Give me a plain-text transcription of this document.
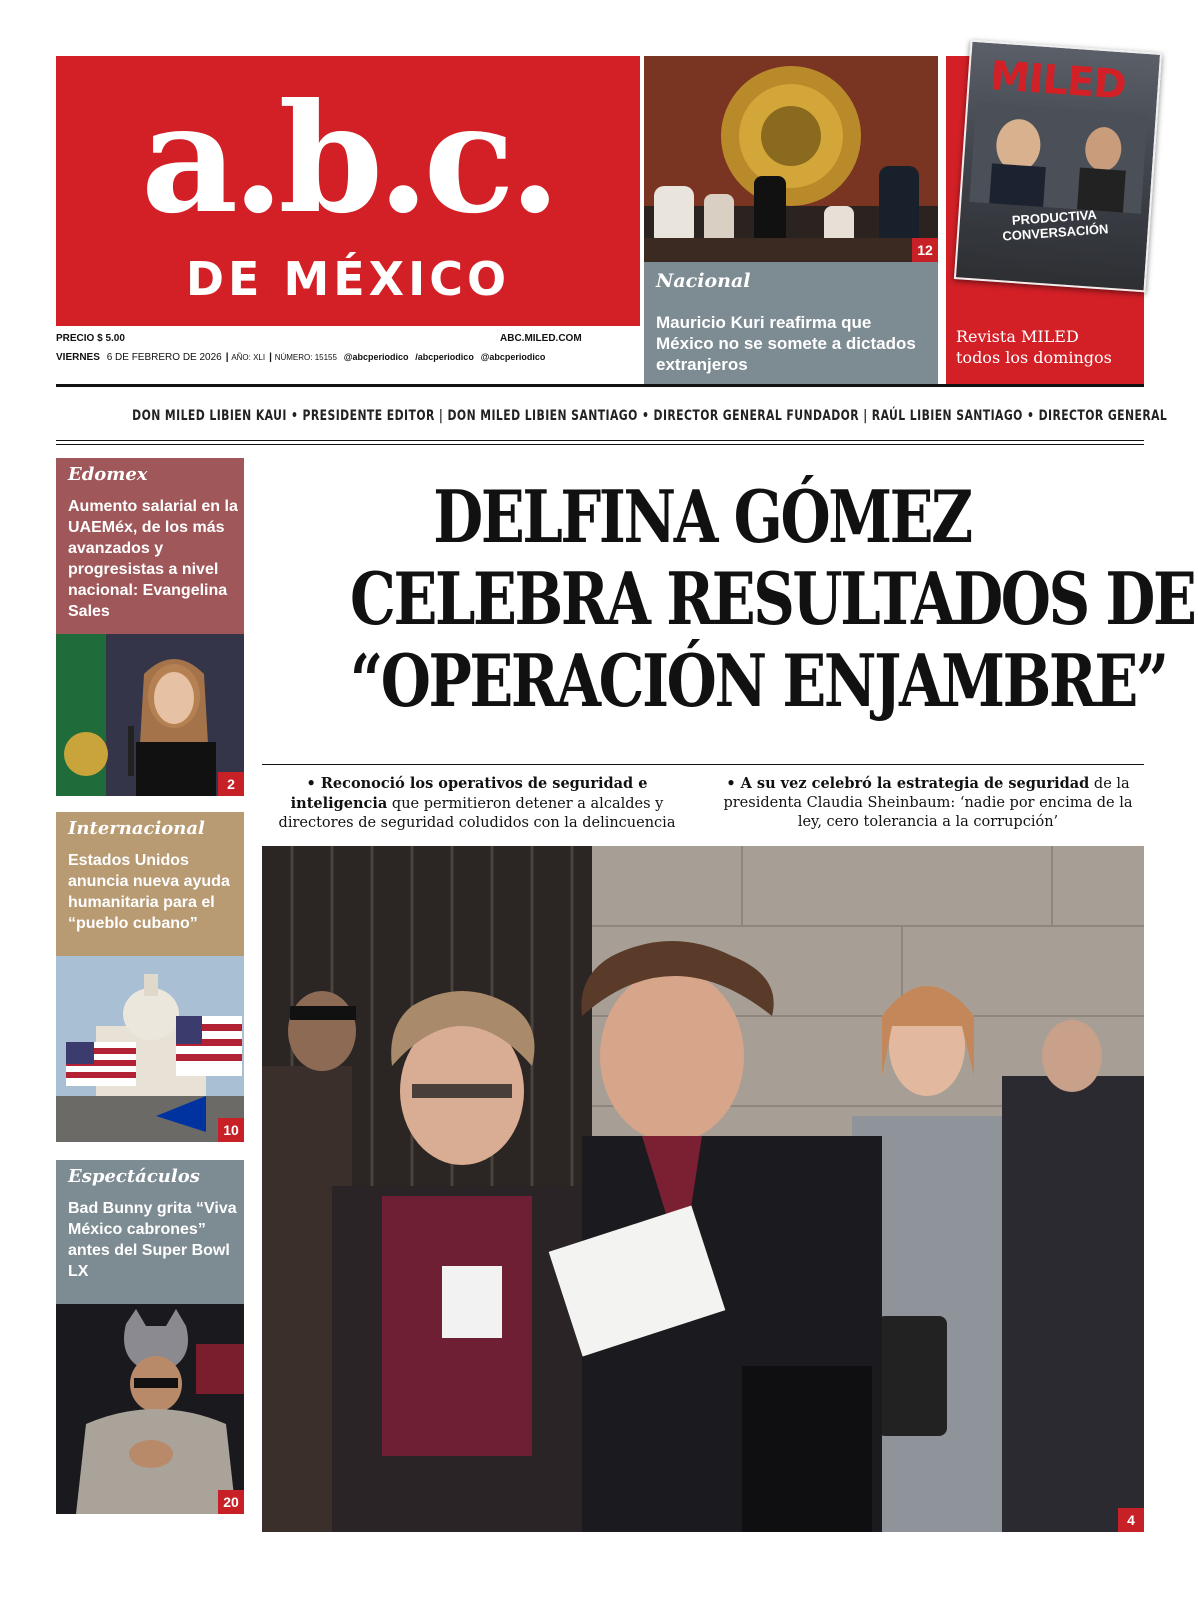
a.b.c.
DE MÉXICO
PRECIO $ 5.00	ABC.MILED.COM
VIERNES 6 DE FEBRERO DE 2026 | AÑO: XLI | NÚMERO: 15155 @abcperiodico /abcperiodico @abcperiodico
12
Nacional
Mauricio Kuri reafirma que México no se somete a dictados extranjeros
MILED
PRODUCTIVA CONVERSACIÓN
Revista MILED
todos los domingos
DON MILED LIBIEN KAUI • PRESIDENTE EDITOR | DON MILED LIBIEN SANTIAGO • DIRECTOR GENERAL FUNDADOR | RAÚL LIBIEN SANTIAGO • DIRECTOR GENERAL
Edomex
Aumento salarial en la UAEMéx, de los más avanzados y progresistas a nivel nacional: Evangelina Sales
2
Internacional
Estados Unidos anuncia nueva ayuda humanitaria para el “pueblo cubano”
10
Espectáculos
Bad Bunny grita “Viva México cabrones” antes del Super Bowl LX
20
DELFINA GÓMEZ
CELEBRA RESULTADOS DE
“OPERACIÓN ENJAMBRE”
• Reconoció los operativos de seguridad e inteligencia que permitieron detener a alcaldes y directores de seguridad coludidos con la delincuencia
• A su vez celebró la estrategia de seguridad de la presidenta Claudia Sheinbaum: ‘nadie por encima de la ley, cero tolerancia a la corrupción’
4
